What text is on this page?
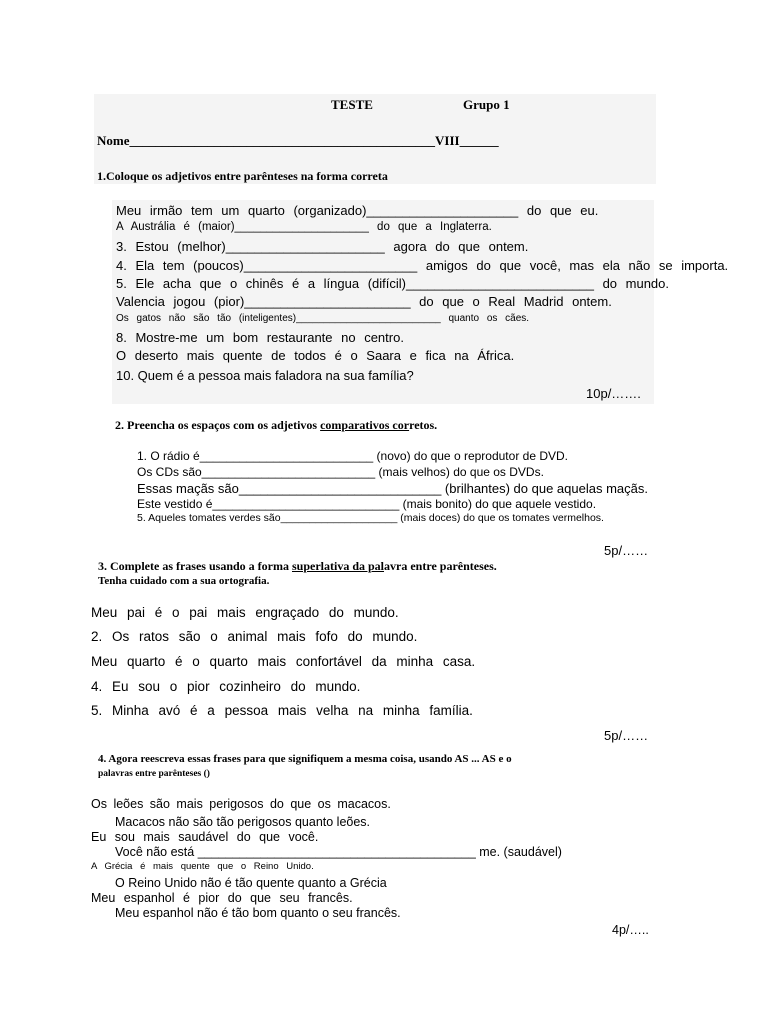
TESTE	Grupo 1
Nome_______________________________________________VIII______
1.Coloque os adjetivos entre parênteses na forma correta
Meu irmão tem um quarto (organizado)_____________________ do que eu.
A Austrália é (maior)_____________________ do que a Inglaterra.
3. Estou (melhor)______________________ agora do que ontem.
4. Ela tem (poucos)________________________ amigos do que você, mas ela não se importa.
5. Ele acha que o chinês é a língua (difícil)__________________________ do mundo.
Valencia jogou (pior)_______________________ do que o Real Madrid ontem.
Os gatos não são tão (inteligentes)__________________________ quanto os cães.
8. Mostre-me um bom restaurante no centro.
O deserto mais quente de todos é o Saara e fica na África.
10. Quem é a pessoa mais faladora na sua família?
10p/…….
2. Preencha os espaços com os adjetivos comparativos corretos.
1. O rádio é__________________________ (novo) do que o reprodutor de DVD.
Os CDs são__________________________ (mais velhos) do que os DVDs.
Essas maçãs são____________________________ (brilhantes) do que aquelas maçãs.
Este vestido é____________________________ (mais bonito) do que aquele vestido.
5. Aqueles tomates verdes são____________________ (mais doces) do que os tomates vermelhos.
5p/……
3. Complete as frases usando a forma superlativa da palavra entre parênteses.
Tenha cuidado com a sua ortografia.
Meu pai é o pai mais engraçado do mundo.
2. Os ratos são o animal mais fofo do mundo.
Meu quarto é o quarto mais confortável da minha casa.
4. Eu sou o pior cozinheiro do mundo.
5. Minha avó é a pessoa mais velha na minha família.
5p/……
4. Agora reescreva essas frases para que signifiquem a mesma coisa, usando AS ... AS e o
palavras entre parênteses ()
Os leões são mais perigosos do que os macacos.
Macacos não são tão perigosos quanto leões.
Eu sou mais saudável do que você.
Você não está ________________________________________ me. (saudável)
A Grécia é mais quente que o Reino Unido.
O Reino Unido não é tão quente quanto a Grécia
Meu espanhol é pior do que seu francês.
Meu espanhol não é tão bom quanto o seu francês.
4p/…..
